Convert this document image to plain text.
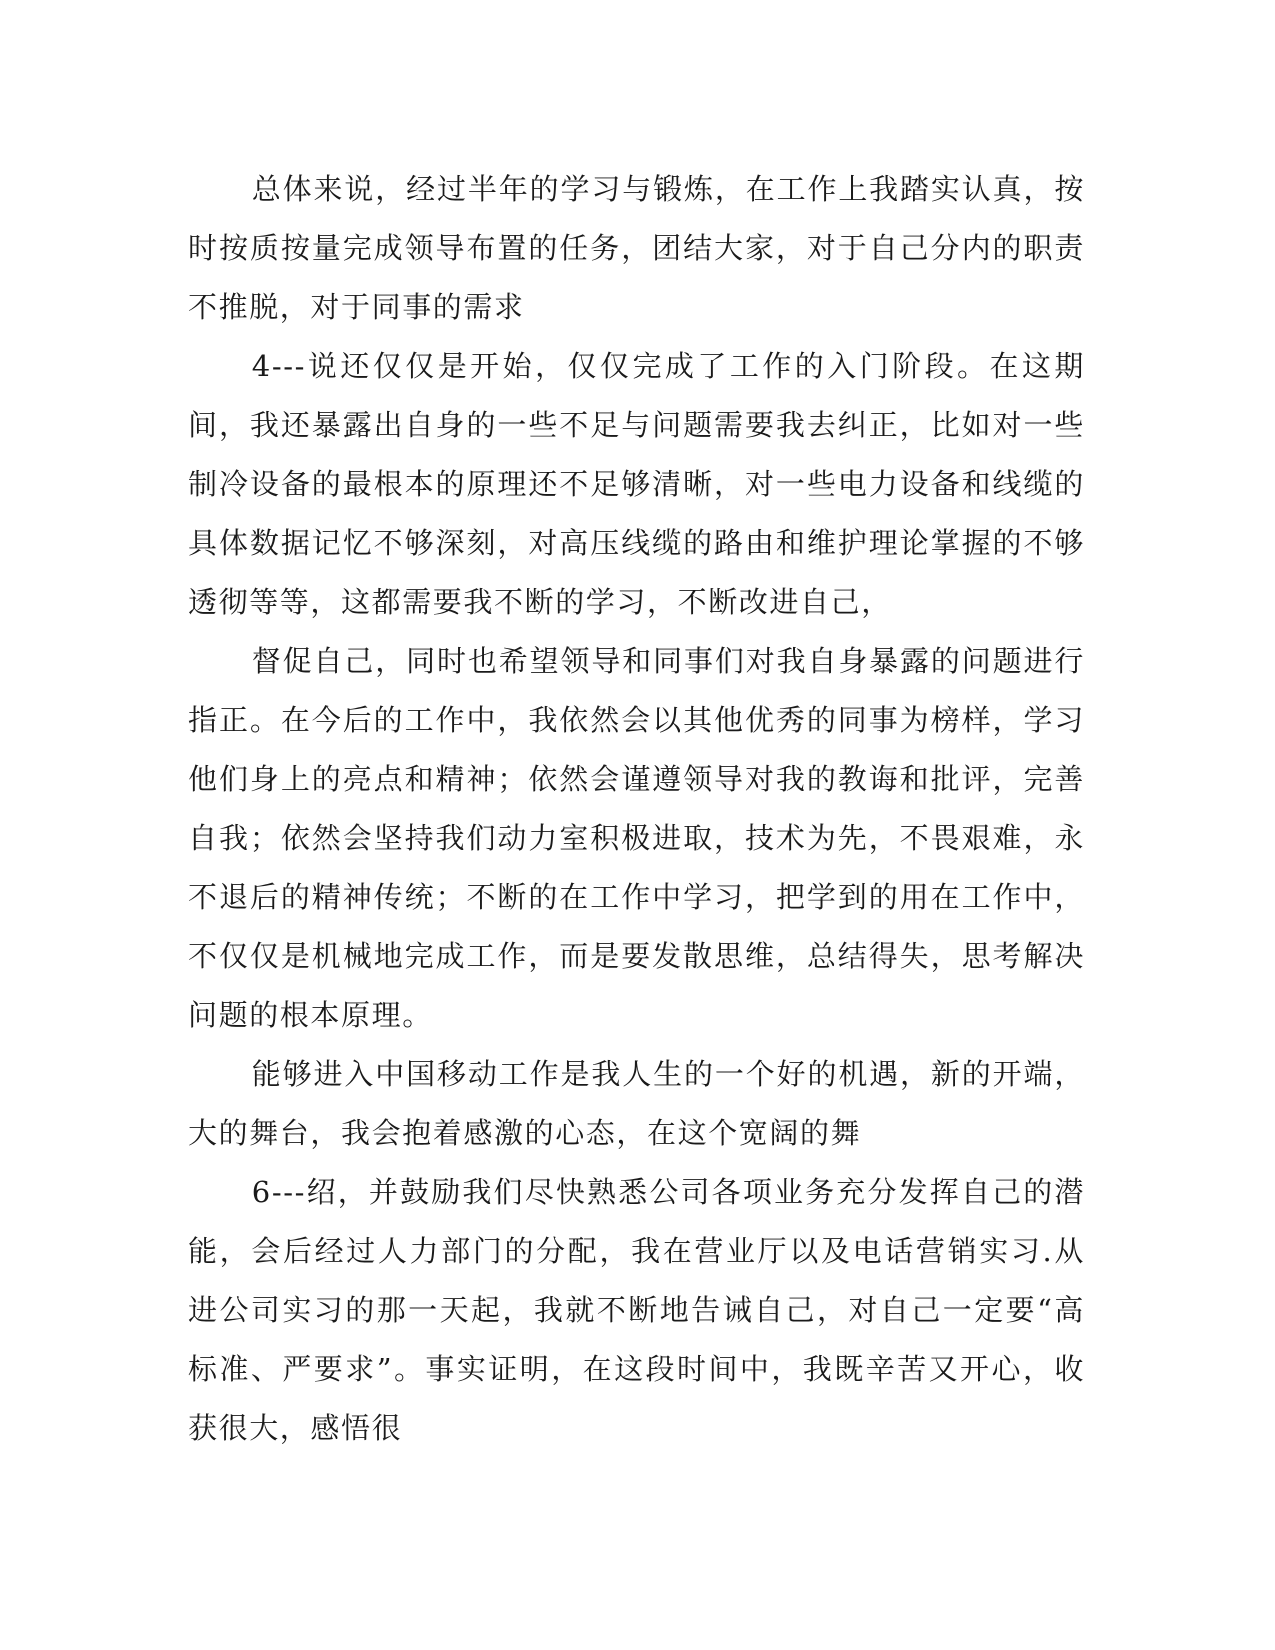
总体来说，经过半年的学习与锻炼，在工作上我踏实认真，按时按质按量完成领导布置的任务，团结大家，对于自己分内的职责不推脱，对于同事的需求

4---说还仅仅是开始，仅仅完成了工作的入门阶段。在这期间，我还暴露出自身的一些不足与问题需要我去纠正，比如对一些制冷设备的最根本的原理还不足够清晰，对一些电力设备和线缆的具体数据记忆不够深刻，对高压线缆的路由和维护理论掌握的不够透彻等等，这都需要我不断的学习，不断改进自己，

督促自己，同时也希望领导和同事们对我自身暴露的问题进行指正。在今后的工作中，我依然会以其他优秀的同事为榜样，学习他们身上的亮点和精神；依然会谨遵领导对我的教诲和批评，完善自我；依然会坚持我们动力室积极进取，技术为先，不畏艰难，永不退后的精神传统；不断的在工作中学习，把学到的用在工作中，不仅仅是机械地完成工作，而是要发散思维，总结得失，思考解决问题的根本原理。

能够进入中国移动工作是我人生的一个好的机遇，新的开端，大的舞台，我会抱着感激的心态，在这个宽阔的舞

6---绍，并鼓励我们尽快熟悉公司各项业务充分发挥自己的潜能，会后经过人力部门的分配，我在营业厅以及电话营销实习.从进公司实习的那一天起，我就不断地告诫自己，对自己一定要“高标准、严要求”。事实证明，在这段时间中，我既辛苦又开心，收获很大，感悟很
